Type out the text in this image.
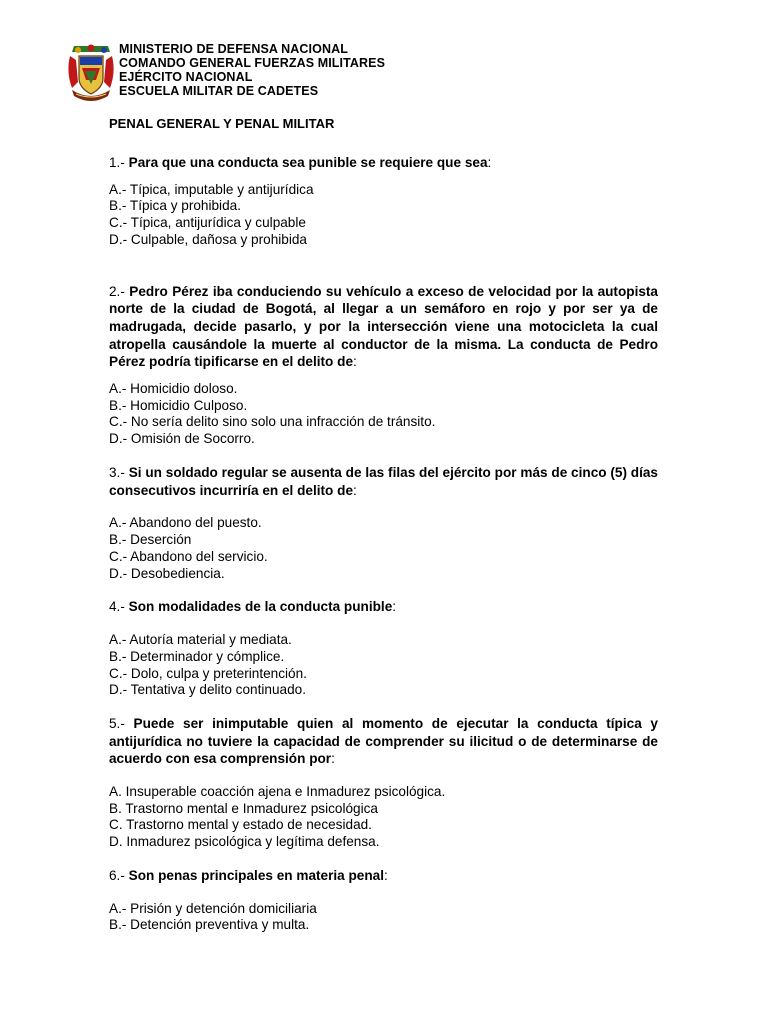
MINISTERIO DE DEFENSA NACIONAL
COMANDO GENERAL FUERZAS MILITARES
EJÉRCITO NACIONAL
ESCUELA MILITAR DE CADETES
PENAL GENERAL Y PENAL MILITAR

1.- Para que una conducta sea punible se requiere que sea:

A.- Típica, imputable y antijurídica
B.- Típica y prohibida.
C.- Típica, antijurídica y culpable
D.- Culpable, dañosa y prohibida

2.- Pedro Pérez iba conduciendo su vehículo a exceso de velocidad por la autopista norte de la ciudad de Bogotá, al llegar a un semáforo en rojo y por ser ya de madrugada, decide pasarlo, y por la intersección viene una motocicleta la cual atropella causándole la muerte al conductor de la misma. La conducta de Pedro Pérez podría tipificarse en el delito de:

A.- Homicidio doloso.
B.- Homicidio Culposo.
C.- No sería delito sino solo una infracción de tránsito.
D.- Omisión de Socorro.

3.- Si un soldado regular se ausenta de las filas del ejército por más de cinco (5) días consecutivos incurriría en el delito de:

A.- Abandono del puesto.
B.- Deserción
C.- Abandono del servicio.
D.- Desobediencia.

4.- Son modalidades de la conducta punible:

A.- Autoría material y mediata.
B.- Determinador y cómplice.
C.- Dolo, culpa y preterintención.
D.- Tentativa y delito continuado.

5.- Puede ser inimputable quien al momento de ejecutar la conducta típica y antijurídica no tuviere la capacidad de comprender su ilicitud o de determinarse de acuerdo con esa comprensión por:

A. Insuperable coacción ajena e Inmadurez psicológica.
B. Trastorno mental e Inmadurez psicológica
C. Trastorno mental y estado de necesidad.
D. Inmadurez psicológica y legítima defensa.

6.- Son penas principales en materia penal:

A.- Prisión y detención domiciliaria
B.- Detención preventiva y multa.
